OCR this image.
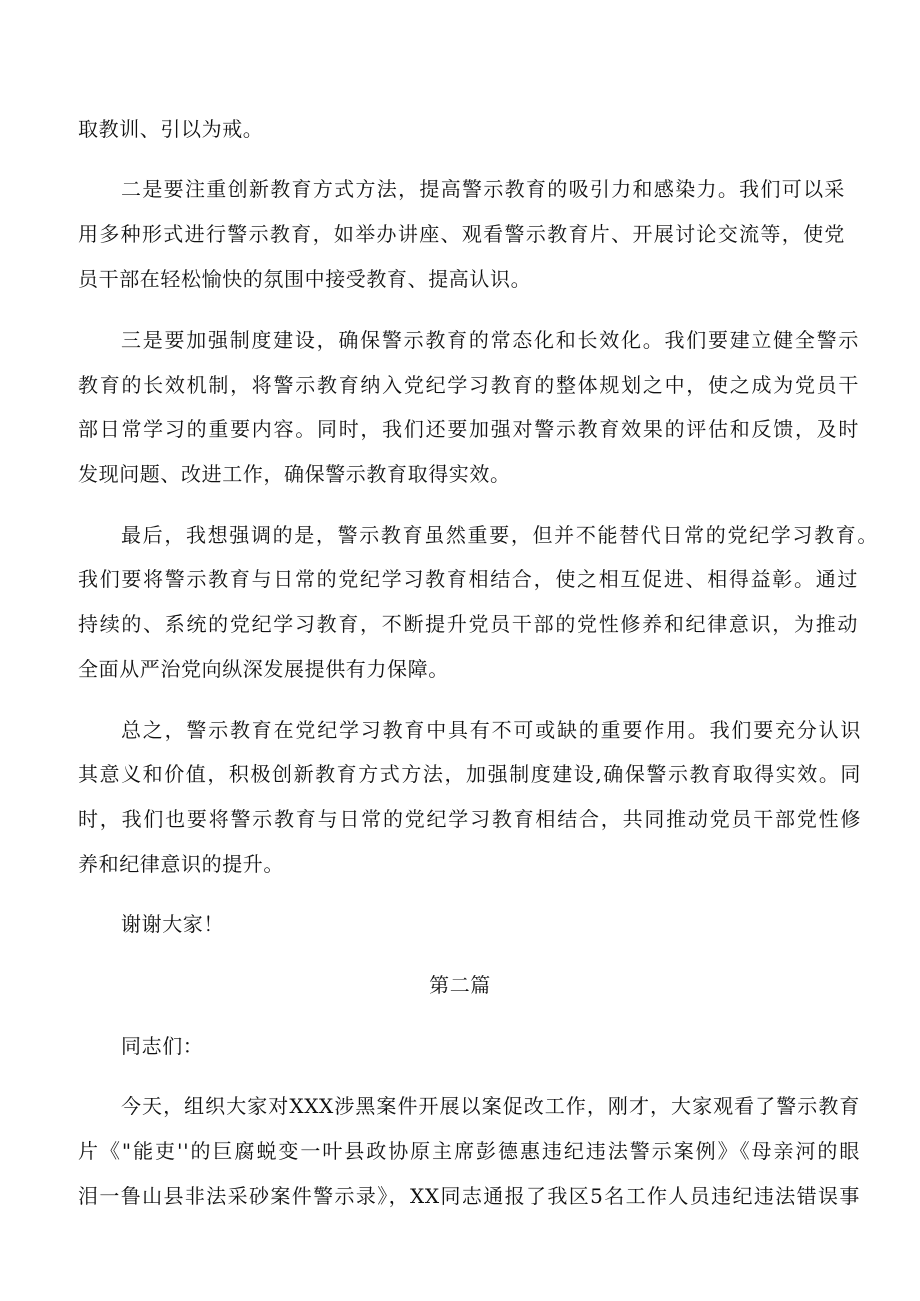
取教训、引以为戒。
二是要注重创新教育方式方法，提高警示教育的吸引力和感染力。我们可以采
用多种形式进行警示教育，如举办讲座、观看警示教育片、开展讨论交流等，使党
员干部在轻松愉快的氛围中接受教育、提高认识。
三是要加强制度建设，确保警示教育的常态化和长效化。我们要建立健全警示
教育的长效机制，将警示教育纳入党纪学习教育的整体规划之中，使之成为党员干
部日常学习的重要内容。同时，我们还要加强对警示教育效果的评估和反馈，及时
发现问题、改进工作，确保警示教育取得实效。
最后，我想强调的是，警示教育虽然重要，但并不能替代日常的党纪学习教育。
我们要将警示教育与日常的党纪学习教育相结合，使之相互促进、相得益彰。通过
持续的、系统的党纪学习教育，不断提升党员干部的党性修养和纪律意识，为推动
全面从严治党向纵深发展提供有力保障。
总之，警示教育在党纪学习教育中具有不可或缺的重要作用。我们要充分认识
其意义和价值，积极创新教育方式方法，加强制度建设,确保警示教育取得实效。同
时，我们也要将警示教育与日常的党纪学习教育相结合，共同推动党员干部党性修
养和纪律意识的提升。
谢谢大家！
第二篇
同志们：
今天，组织大家对XXX涉黑案件开展以案促改工作，刚才，大家观看了警示教育
片《"能吏''的巨腐蜕变一叶县政协原主席彭德惠违纪违法警示案例》《母亲河的眼
泪一鲁山县非法采砂案件警示录》，XX同志通报了我区5名工作人员违纪违法错误事
